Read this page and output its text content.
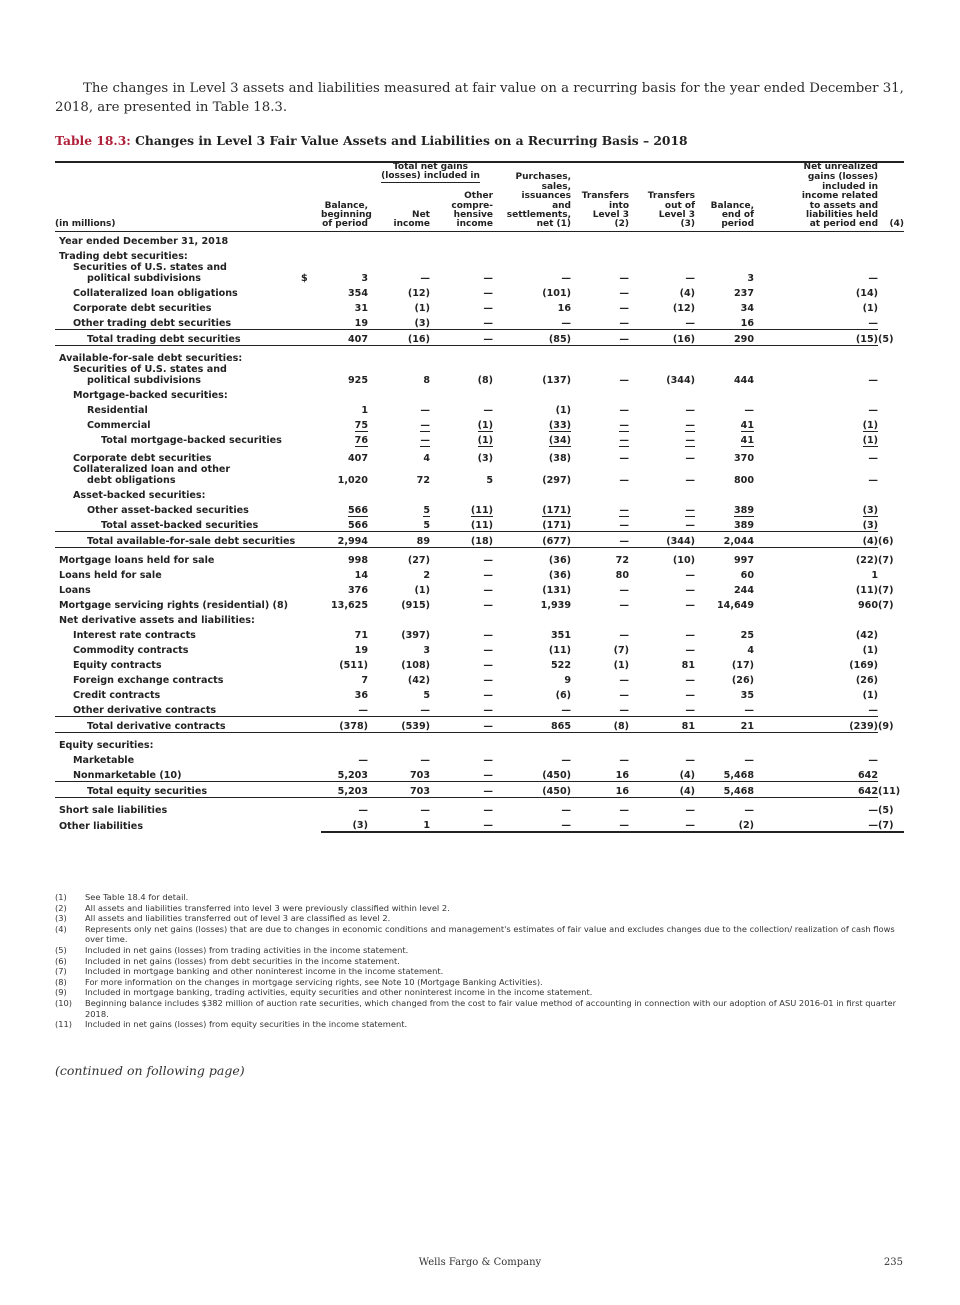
The changes in Level 3 assets and liabilities measured at fair value on a recurring basis for the year ended December 31, 2018, are presented in Table 18.3.

Table 18.3: Changes in Level 3 Fair Value Assets and Liabilities on a Recurring Basis – 2018
			Total net gains						Net unrealized	
			(losses) included in		Purchases,				gains (losses)	
					sales,				included in	
				Other	issuances	Transfers	Transfers		income related	
		Balance,		compre-	and	into	out of	Balance,	to assets and	
		beginning	Net	hensive	settlements,	Level 3	Level 3	end of	liabilities held	
(in millions)		of period	income	income	net (1)	(2)	(3)	period	at period end	(4)
Year ended December 31, 2018										
Trading debt securities:										

Securities of U.S. states and
political subdivisions	$	3	—	—	—	—	—	3	—	
Collateralized loan obligations		354	(12)	—	(101)	—	(4)	237	(14)	
Corporate debt securities		31	(1)	—	16	—	(12)	34	(1)	
Other trading debt securities		19	(3)	—	—	—	—	16	—	
Total trading debt securities		407	(16)	—	(85)	—	(16)	290	(15)	(5)

Available-for-sale debt securities:										

Securities of U.S. states and
political subdivisions		925	8	(8)	(137)	—	(344)	444	—	
Mortgage-backed securities:										
Residential		1	—	—	(1)	—	—	—	—	
Commercial		75	—	(1)	(33)	—	—	41	(1)	
Total mortgage-backed securities		76	—	(1)	(34)	—	—	41	(1)	

Corporate debt securities		407	4	(3)	(38)	—	—	370	—	

Collateralized loan and other
debt obligations		1,020	72	5	(297)	—	—	800	—	
Asset-backed securities:										
Other asset-backed securities		566	5	(11)	(171)	—	—	389	(3)	
Total asset-backed securities		566	5	(11)	(171)	—	—	389	(3)	
Total available-for-sale debt securities		2,994	89	(18)	(677)	—	(344)	2,044	(4)	(6)

Mortgage loans held for sale		998	(27)	—	(36)	72	(10)	997	(22)	(7)
Loans held for sale		14	2	—	(36)	80	—	60	1	
Loans		376	(1)	—	(131)	—	—	244	(11)	(7)
Mortgage servicing rights (residential) (8)		13,625	(915)	—	1,939	—	—	14,649	960	(7)
Net derivative assets and liabilities:										
Interest rate contracts		71	(397)	—	351	—	—	25	(42)	
Commodity contracts		19	3	—	(11)	(7)	—	4	(1)	
Equity contracts		(511)	(108)	—	522	(1)	81	(17)	(169)	
Foreign exchange contracts		7	(42)	—	9	—	—	(26)	(26)	
Credit contracts		36	5	—	(6)	—	—	35	(1)	
Other derivative contracts		—	—	—	—	—	—	—	—	
Total derivative contracts		(378)	(539)	—	865	(8)	81	21	(239)	(9)

Equity securities:										
Marketable		—	—	—	—	—	—	—	—	
Nonmarketable (10)		5,203	703	—	(450)	16	(4)	5,468	642	
Total equity securities		5,203	703	—	(450)	16	(4)	5,468	642	(11)

Short sale liabilities		—	—	—	—	—	—	—	—	(5)
Other liabilities		(3)	1	—	—	—	—	(2)	—	(7)
(1)	See Table 18.4 for detail.
(2)	All assets and liabilities transferred into level 3 were previously classified within level 2.
(3)	All assets and liabilities transferred out of level 3 are classified as level 2.
(4)	Represents only net gains (losses) that are due to changes in economic conditions and management's estimates of fair value and excludes changes due to the collection/ realization of cash flows over time.
(5)	Included in net gains (losses) from trading activities in the income statement.
(6)	Included in net gains (losses) from debt securities in the income statement.
(7)	Included in mortgage banking and other noninterest income in the income statement.
(8)	For more information on the changes in mortgage servicing rights, see Note 10 (Mortgage Banking Activities).
(9)	Included in mortgage banking, trading activities, equity securities and other noninterest income in the income statement.
(10)	Beginning balance includes $382 million of auction rate securities, which changed from the cost to fair value method of accounting in connection with our adoption of ASU 2016-01 in first quarter 2018.
(11)	Included in net gains (losses) from equity securities in the income statement.
(continued on following page)
Wells Fargo & Company	235
